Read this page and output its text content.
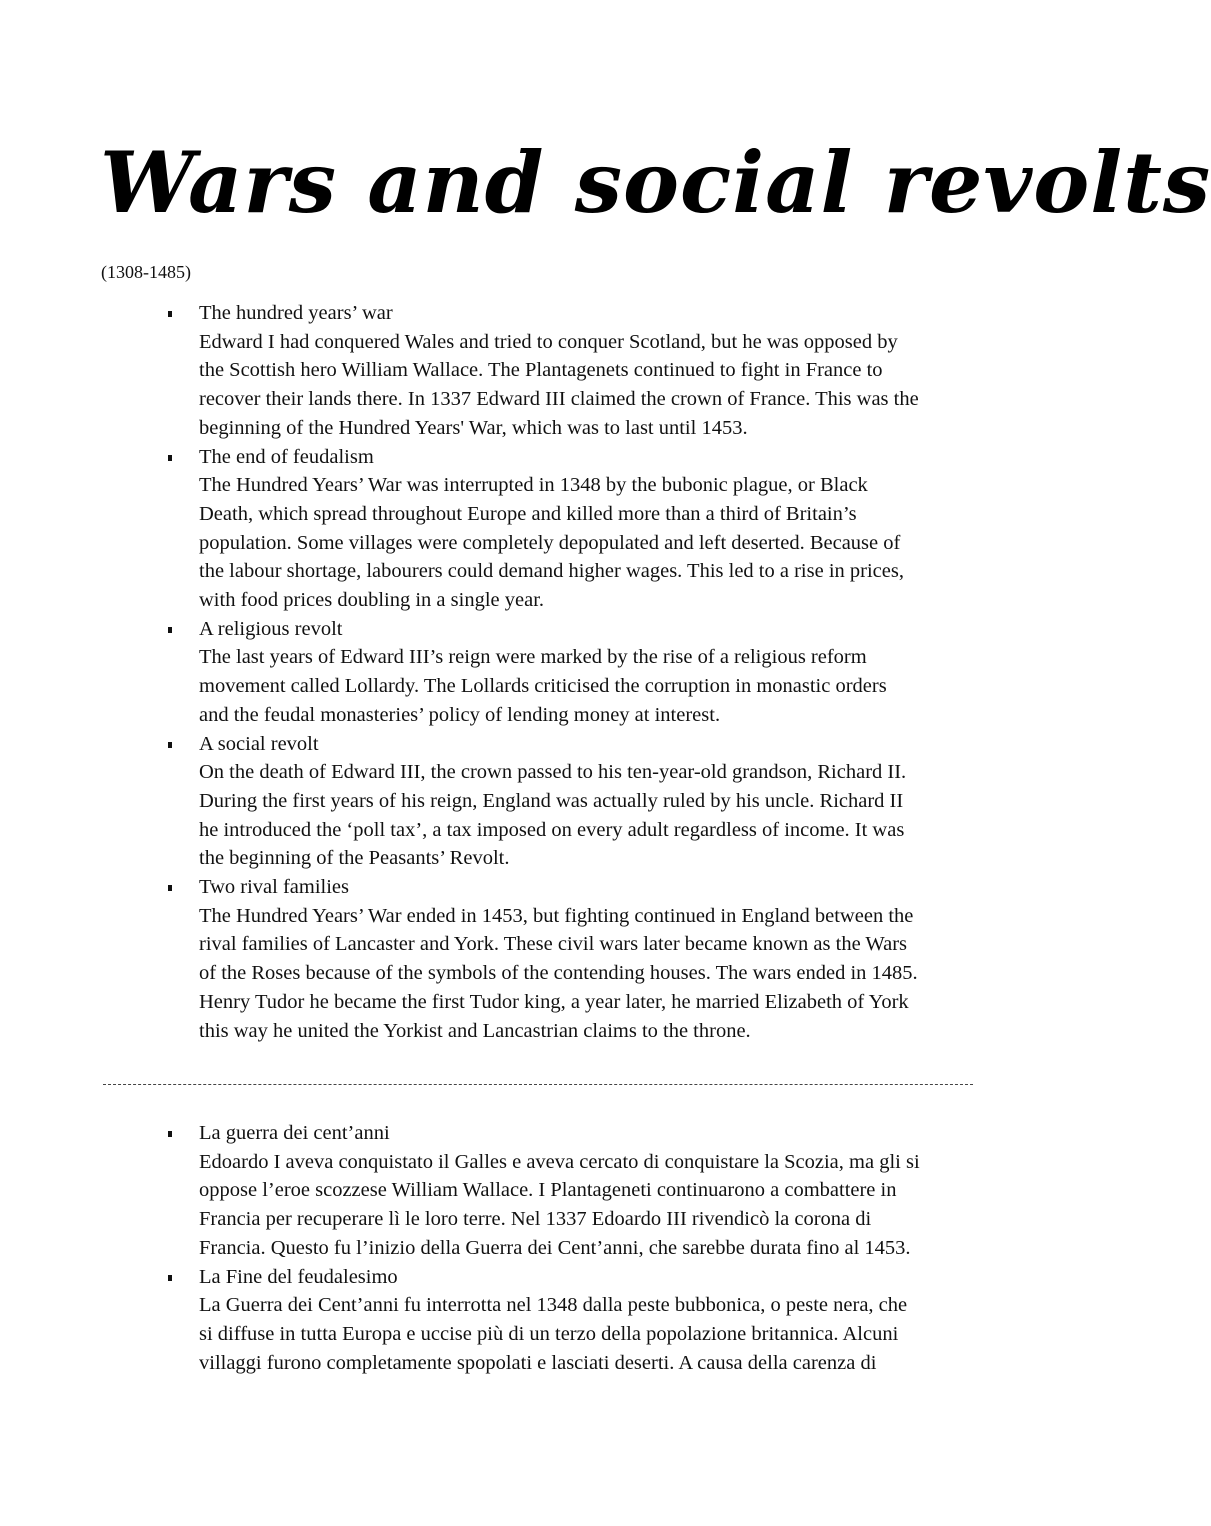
Wars and social revolts
(1308-1485)
The hundred years’ war
Edward I had conquered Wales and tried to conquer Scotland, but he was opposed by
the Scottish hero William Wallace. The Plantagenets continued to fight in France to
recover their lands there. In 1337 Edward III claimed the crown of France. This was the
beginning of the Hundred Years' War, which was to last until 1453.
The end of feudalism
The Hundred Years’ War was interrupted in 1348 by the bubonic plague, or Black
Death, which spread throughout Europe and killed more than a third of Britain’s
population. Some villages were completely depopulated and left deserted. Because of
the labour shortage, labourers could demand higher wages. This led to a rise in prices,
with food prices doubling in a single year.
A religious revolt
The last years of Edward III’s reign were marked by the rise of a religious reform
movement called Lollardy. The Lollards criticised the corruption in monastic orders
and the feudal monasteries’ policy of lending money at interest.
A social revolt
On the death of Edward III, the crown passed to his ten-year-old grandson, Richard II.
During the first years of his reign, England was actually ruled by his uncle. Richard II
he introduced the ‘poll tax’, a tax imposed on every adult regardless of income. It was
the beginning of the Peasants’ Revolt.
Two rival families
The Hundred Years’ War ended in 1453, but fighting continued in England between the
rival families of Lancaster and York. These civil wars later became known as the Wars
of the Roses because of the symbols of the contending houses. The wars ended in 1485.
Henry Tudor he became the first Tudor king, a year later, he married Elizabeth of York
this way he united the Yorkist and Lancastrian claims to the throne.
La guerra dei cent’anni
Edoardo I aveva conquistato il Galles e aveva cercato di conquistare la Scozia, ma gli si
oppose l’eroe scozzese William Wallace. I Plantageneti continuarono a combattere in
Francia per recuperare lì le loro terre. Nel 1337 Edoardo III rivendicò la corona di
Francia. Questo fu l’inizio della Guerra dei Cent’anni, che sarebbe durata fino al 1453.
La Fine del feudalesimo
La Guerra dei Cent’anni fu interrotta nel 1348 dalla peste bubbonica, o peste nera, che
si diffuse in tutta Europa e uccise più di un terzo della popolazione britannica. Alcuni
villaggi furono completamente spopolati e lasciati deserti. A causa della carenza di
